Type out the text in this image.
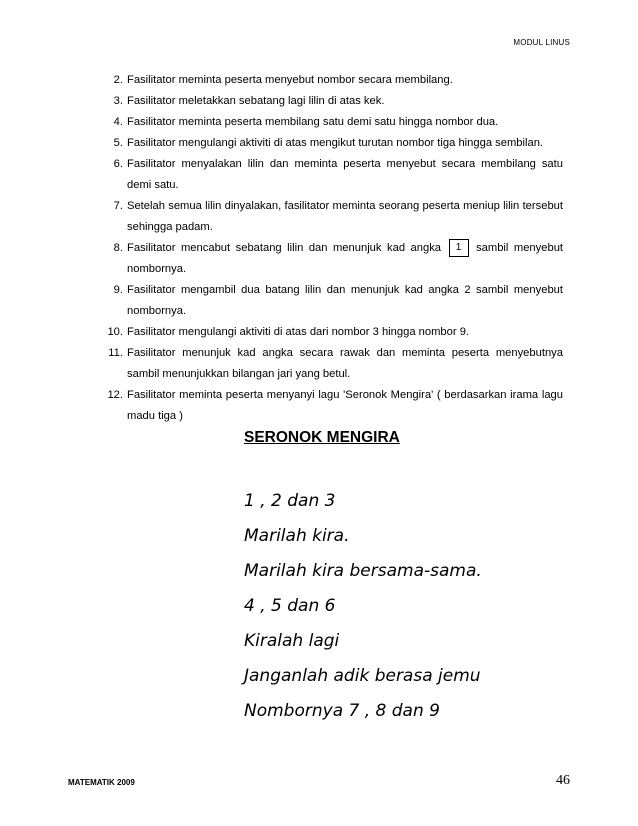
MODUL LINUS
2. Fasilitator meminta peserta menyebut nombor secara membilang.
3. Fasilitator meletakkan sebatang lagi lilin di atas kek.
4. Fasilitator meminta peserta membilang satu demi satu hingga nombor dua.
5. Fasilitator mengulangi aktiviti di atas mengikut turutan nombor tiga hingga sembilan.
6. Fasilitator menyalakan lilin dan meminta peserta menyebut secara membilang satu demi satu.
7. Setelah semua lilin dinyalakan, fasilitator meminta seorang peserta meniup lilin tersebut sehingga padam.
8. Fasilitator mencabut sebatang lilin dan menunjuk kad angka 1 sambil menyebut nombornya.
9. Fasilitator mengambil dua batang lilin dan menunjuk kad angka 2 sambil menyebut nombornya.
10. Fasilitator mengulangi aktiviti di atas dari nombor 3 hingga nombor 9.
11. Fasilitator menunjuk kad angka secara rawak dan meminta peserta menyebutnya sambil menunjukkan bilangan jari yang betul.
12. Fasilitator meminta peserta menyanyi lagu 'Seronok Mengira' ( berdasarkan irama lagu madu tiga )
SERONOK MENGIRA
1 , 2 dan 3
Marilah kira.
Marilah kira bersama-sama.
4 , 5 dan 6
Kiralah lagi
Janganlah adik berasa jemu
Nombornya 7 , 8 dan 9
MATEMATIK 2009	46
